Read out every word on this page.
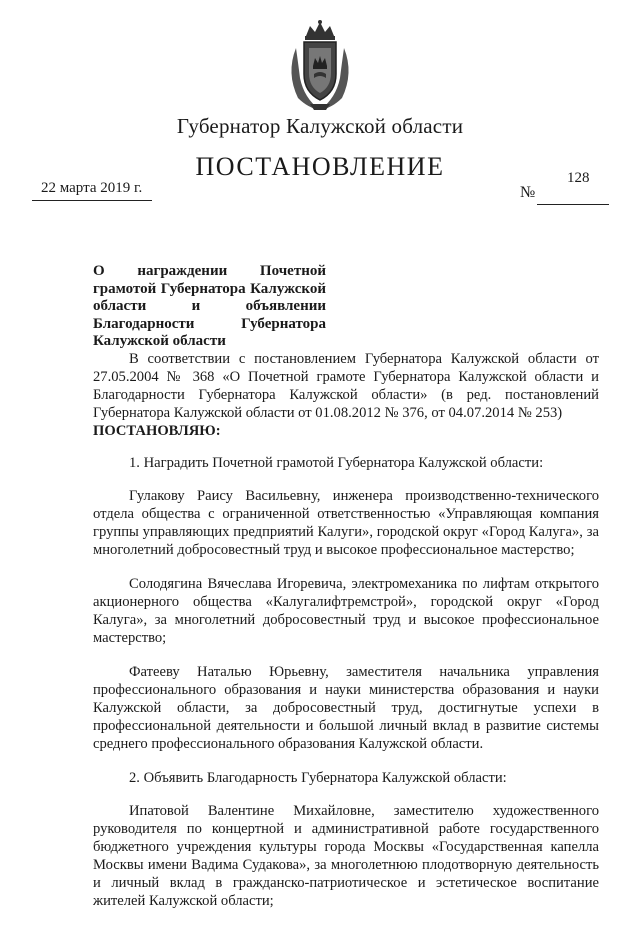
Губернатор Калужской области
ПОСТАНОВЛЕНИЕ
22 марта 2019 г.
128
№
О награждении Почетной грамотой Губернатора Калужской области и объявлении Благодарности Губернатора Калужской области

В соответствии с постановлением Губернатора Калужской области от 27.05.2004 № 368 «О Почетной грамоте Губернатора Калужской области и Благодарности Губернатора Калужской области» (в ред. постановлений Губернатора Калужской области от 01.08.2012 № 376, от 04.07.2014 № 253)

ПОСТАНОВЛЯЮ:

1. Наградить Почетной грамотой Губернатора Калужской области:

Гулакову Раису Васильевну, инженера производственно-технического отдела общества с ограниченной ответственностью «Управляющая компания группы управляющих предприятий Калуги», городской округ «Город Калуга», за многолетний добросовестный труд и высокое профессиональное мастерство;

Солодягина Вячеслава Игоревича, электромеханика по лифтам открытого акционерного общества «Калугалифтремстрой», городской округ «Город Калуга», за многолетний добросовестный труд и высокое профессиональное мастерство;

Фатееву Наталью Юрьевну, заместителя начальника управления профессионального образования и науки министерства образования и науки Калужской области, за добросовестный труд, достигнутые успехи в профессиональной деятельности и большой личный вклад в развитие системы среднего профессионального образования Калужской области.

2. Объявить Благодарность Губернатора Калужской области:

Ипатовой Валентине Михайловне, заместителю художественного руководителя по концертной и административной работе государственного бюджетного учреждения культуры города Москвы «Государственная капелла Москвы имени Вадима Судакова», за многолетнюю плодотворную деятельность и личный вклад в гражданско-патриотическое и эстетическое воспитание жителей Калужской области;
